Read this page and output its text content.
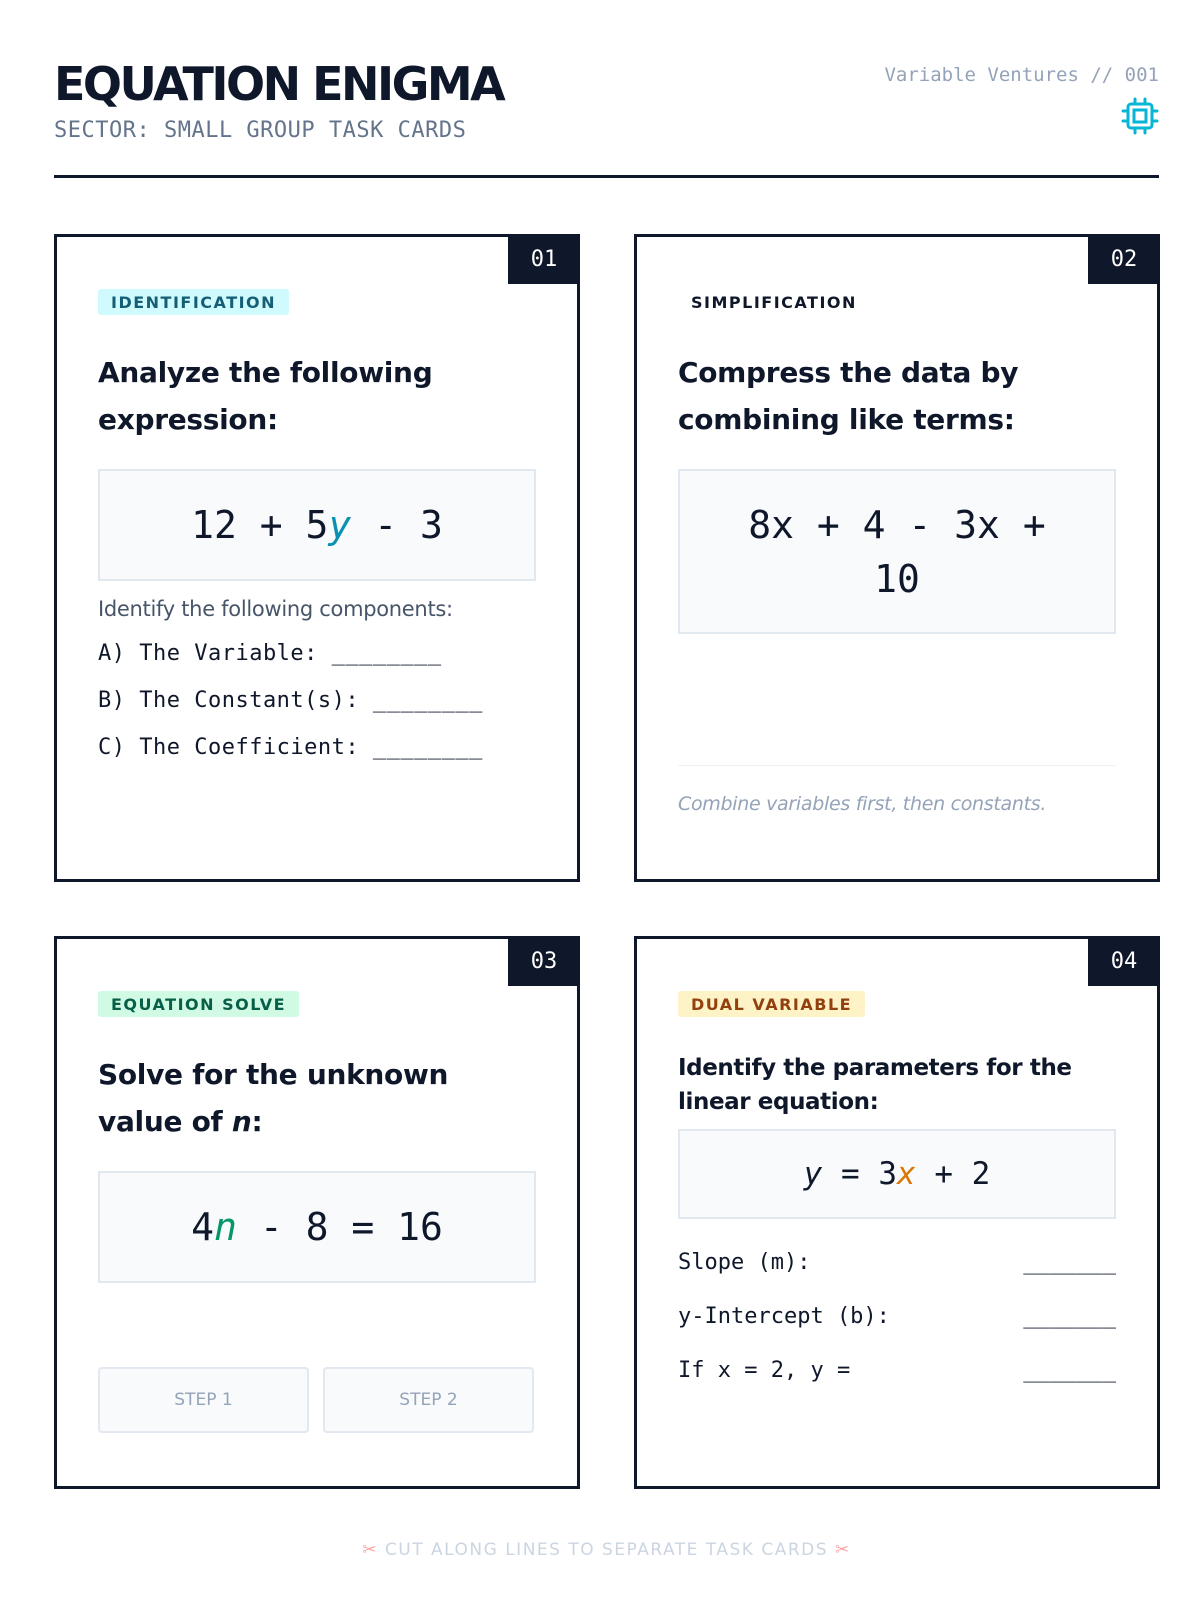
EQUATION ENIGMA
SECTOR: SMALL GROUP TASK CARDS
Variable Ventures // 001
01
IDENTIFICATION
Analyze the following expression:
12 + 5 y - 3
Identify the following components:
A) The Variable: ________
B) The Constant(s): ________
C) The Coefficient: ________
02
SIMPLIFICATION
Compress the data by combining like terms:
8x + 4 - 3x + 10
Combine variables first, then constants.
03
EQUATION SOLVE
Solve for the unknown value of n:
4 n - 8 = 16
STEP 1	STEP 2
04
DUAL VARIABLE
Identify the parameters for the linear equation:
y = 3 x + 2
Slope (m):	_______
y-Intercept (b):	_______
If x = 2, y =	_______
✂ CUT ALONG LINES TO SEPARATE TASK CARDS ✂
